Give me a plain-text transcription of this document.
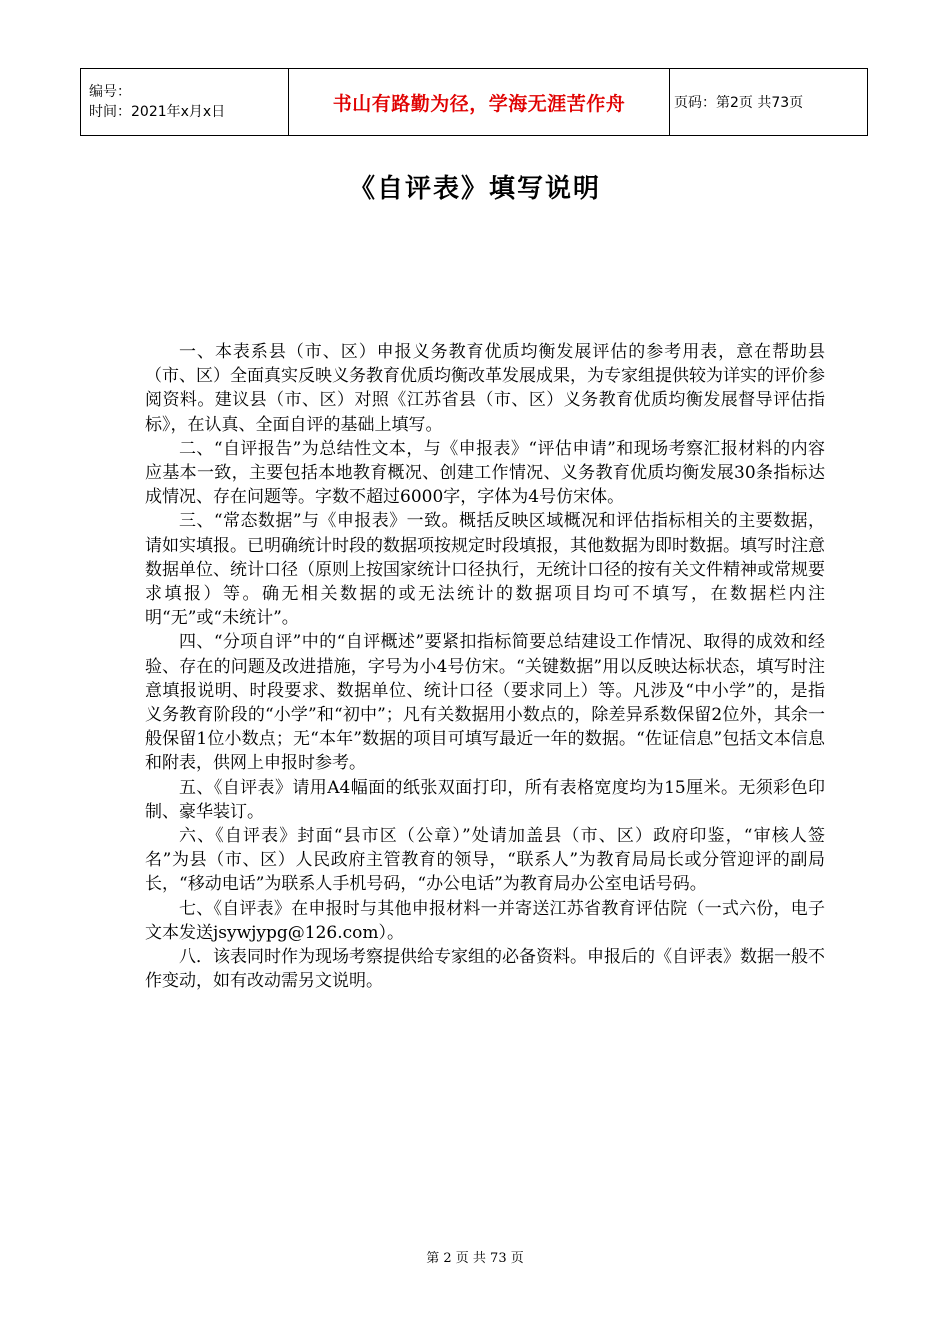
编号：
时间：2021年x月x日	书山有路勤为径，学海无涯苦作舟	页码：第2页 共73页
《自评表》填写说明

一、本表系县（市、区）申报义务教育优质均衡发展评估的参考用表，意在帮助县（市、区）全面真实反映义务教育优质均衡改革发展成果，为专家组提供较为详实的评价参阅资料。建议县（市、区）对照《江苏省县（市、区）义务教育优质均衡发展督导评估指标》，在认真、全面自评的基础上填写。

二、“自评报告”为总结性文本，与《申报表》“评估申请”和现场考察汇报材料的内容应基本一致，主要包括本地教育概况、创建工作情况、义务教育优质均衡发展30条指标达成情况、存在问题等。字数不超过6000字，字体为4号仿宋体。

三、“常态数据”与《申报表》一致。概括反映区域概况和评估指标相关的主要数据，请如实填报。已明确统计时段的数据项按规定时段填报，其他数据为即时数据。填写时注意数据单位、统计口径（原则上按国家统计口径执行，无统计口径的按有关文件精神或常规要求填报）等。确无相关数据的或无法统计的数据项目均可不填写，在数据栏内注明“无”或“未统计”。

四、“分项自评”中的“自评概述”要紧扣指标简要总结建设工作情况、取得的成效和经验、存在的问题及改进措施，字号为小4号仿宋。“关键数据”用以反映达标状态，填写时注意填报说明、时段要求、数据单位、统计口径（要求同上）等。凡涉及“中小学”的，是指义务教育阶段的“小学”和“初中”；凡有关数据用小数点的，除差异系数保留2位外，其余一般保留1位小数点；无“本年”数据的项目可填写最近一年的数据。“佐证信息”包括文本信息和附表，供网上申报时参考。

五、《自评表》请用A4幅面的纸张双面打印，所有表格宽度均为15厘米。无须彩色印制、豪华装订。

六、《自评表》封面“县市区（公章）”处请加盖县（市、区）政府印鉴，“审核人签名”为县（市、区）人民政府主管教育的领导，“联系人”为教育局局长或分管迎评的副局长，“移动电话”为联系人手机号码，“办公电话”为教育局办公室电话号码。

七、《自评表》在申报时与其他申报材料一并寄送江苏省教育评估院（一式六份，电子文本发送jsywjypg@126.com）。

八．该表同时作为现场考察提供给专家组的必备资料。申报后的《自评表》数据一般不作变动，如有改动需另文说明。

第 2 页 共 73 页
